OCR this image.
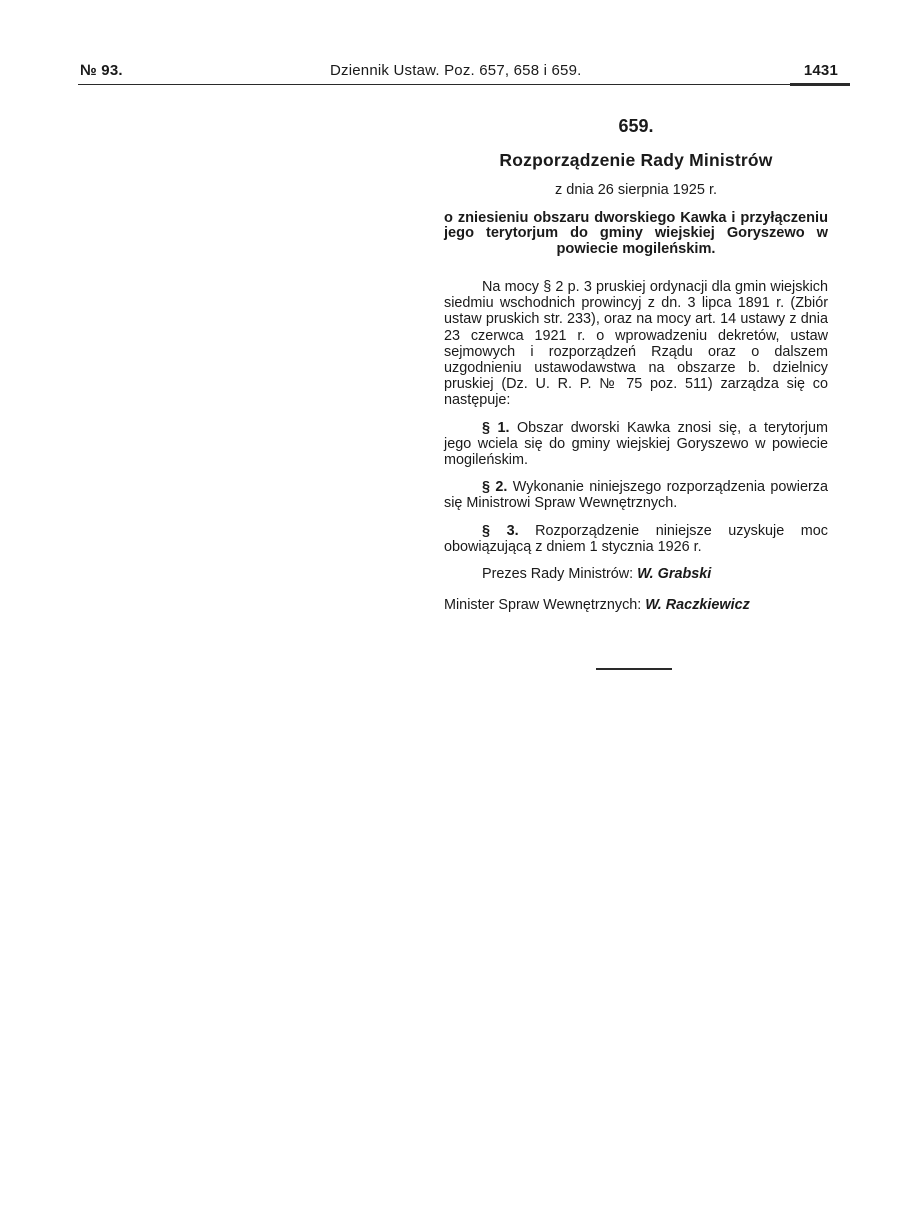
№ 93.	Dziennik Ustaw. Poz. 657, 658 i 659.	1431
659.
Rozporządzenie Rady Ministrów
z dnia 26 sierpnia 1925 r.
o zniesieniu obszaru dworskiego Kawka i przyłączeniu jego terytorjum do gminy wiejskiej Goryszewo w powiecie mogileńskim.

Na mocy § 2 p. 3 pruskiej ordynacji dla gmin wiejskich siedmiu wschodnich prowincyj z dn. 3 lipca 1891 r. (Zbiór ustaw pruskich str. 233), oraz na mocy art. 14 ustawy z dnia 23 czerwca 1921 r. o wprowadzeniu dekretów, ustaw sejmowych i rozporządzeń Rządu oraz o dalszem uzgodnieniu ustawodawstwa na obszarze b. dzielnicy pruskiej (Dz. U. R. P. № 75 poz. 511) zarządza się co następuje:

§ 1. Obszar dworski Kawka znosi się, a terytorjum jego wciela się do gminy wiejskiej Goryszewo w powiecie mogileńskim.

§ 2. Wykonanie niniejszego rozporządzenia powierza się Ministrowi Spraw Wewnętrznych.

§ 3. Rozporządzenie niniejsze uzyskuje moc obowiązującą z dniem 1 stycznia 1926 r.

Prezes Rady Ministrów: W. Grabski
Minister Spraw Wewnętrznych: W. Raczkiewicz
